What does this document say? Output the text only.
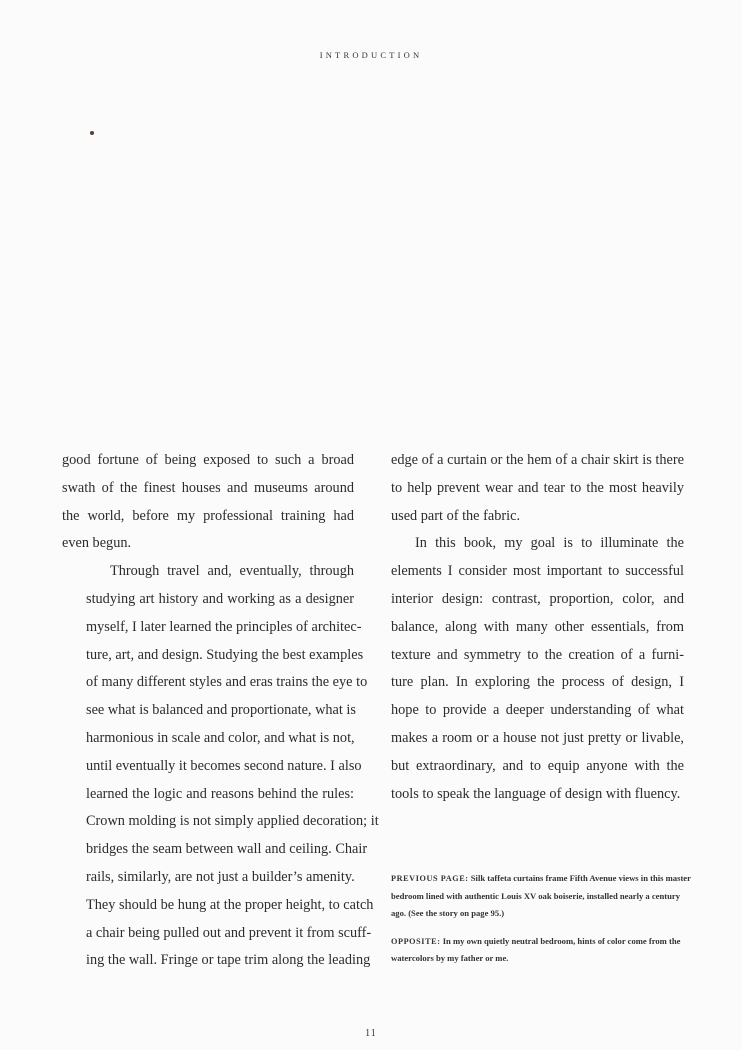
INTRODUCTION

good fortune of being exposed to such a broad
swath of the finest houses and museums around
the world, before my professional training had
even begun.

Through travel and, eventually, through
studying art history and working as a designer
myself, I later learned the principles of architec-
ture, art, and design. Studying the best examples
of many different styles and eras trains the eye to
see what is balanced and proportionate, what is
harmonious in scale and color, and what is not,
until eventually it becomes second nature. I also
learned the logic and reasons behind the rules:
Crown molding is not simply applied decoration; it
bridges the seam between wall and ceiling. Chair
rails, similarly, are not just a builder’s amenity.
They should be hung at the proper height, to catch
a chair being pulled out and prevent it from scuff-
ing the wall. Fringe or tape trim along the leading

edge of a curtain or the hem of a chair skirt is there
to help prevent wear and tear to the most heavily
used part of the fabric.

In this book, my goal is to illuminate the
elements I consider most important to successful
interior design: contrast, proportion, color, and
balance, along with many other essentials, from
texture and symmetry to the creation of a furni-
ture plan. In exploring the process of design, I
hope to provide a deeper understanding of what
makes a room or a house not just pretty or livable,
but extraordinary, and to equip anyone with the
tools to speak the language of design with fluency.

PREVIOUS PAGE: Silk taffeta curtains frame Fifth Avenue views in this master bedroom lined with authentic Louis XV oak boiserie, installed nearly a century ago. (See the story on page 95.)

OPPOSITE: In my own quietly neutral bedroom, hints of color come from the watercolors by my father or me.

11
